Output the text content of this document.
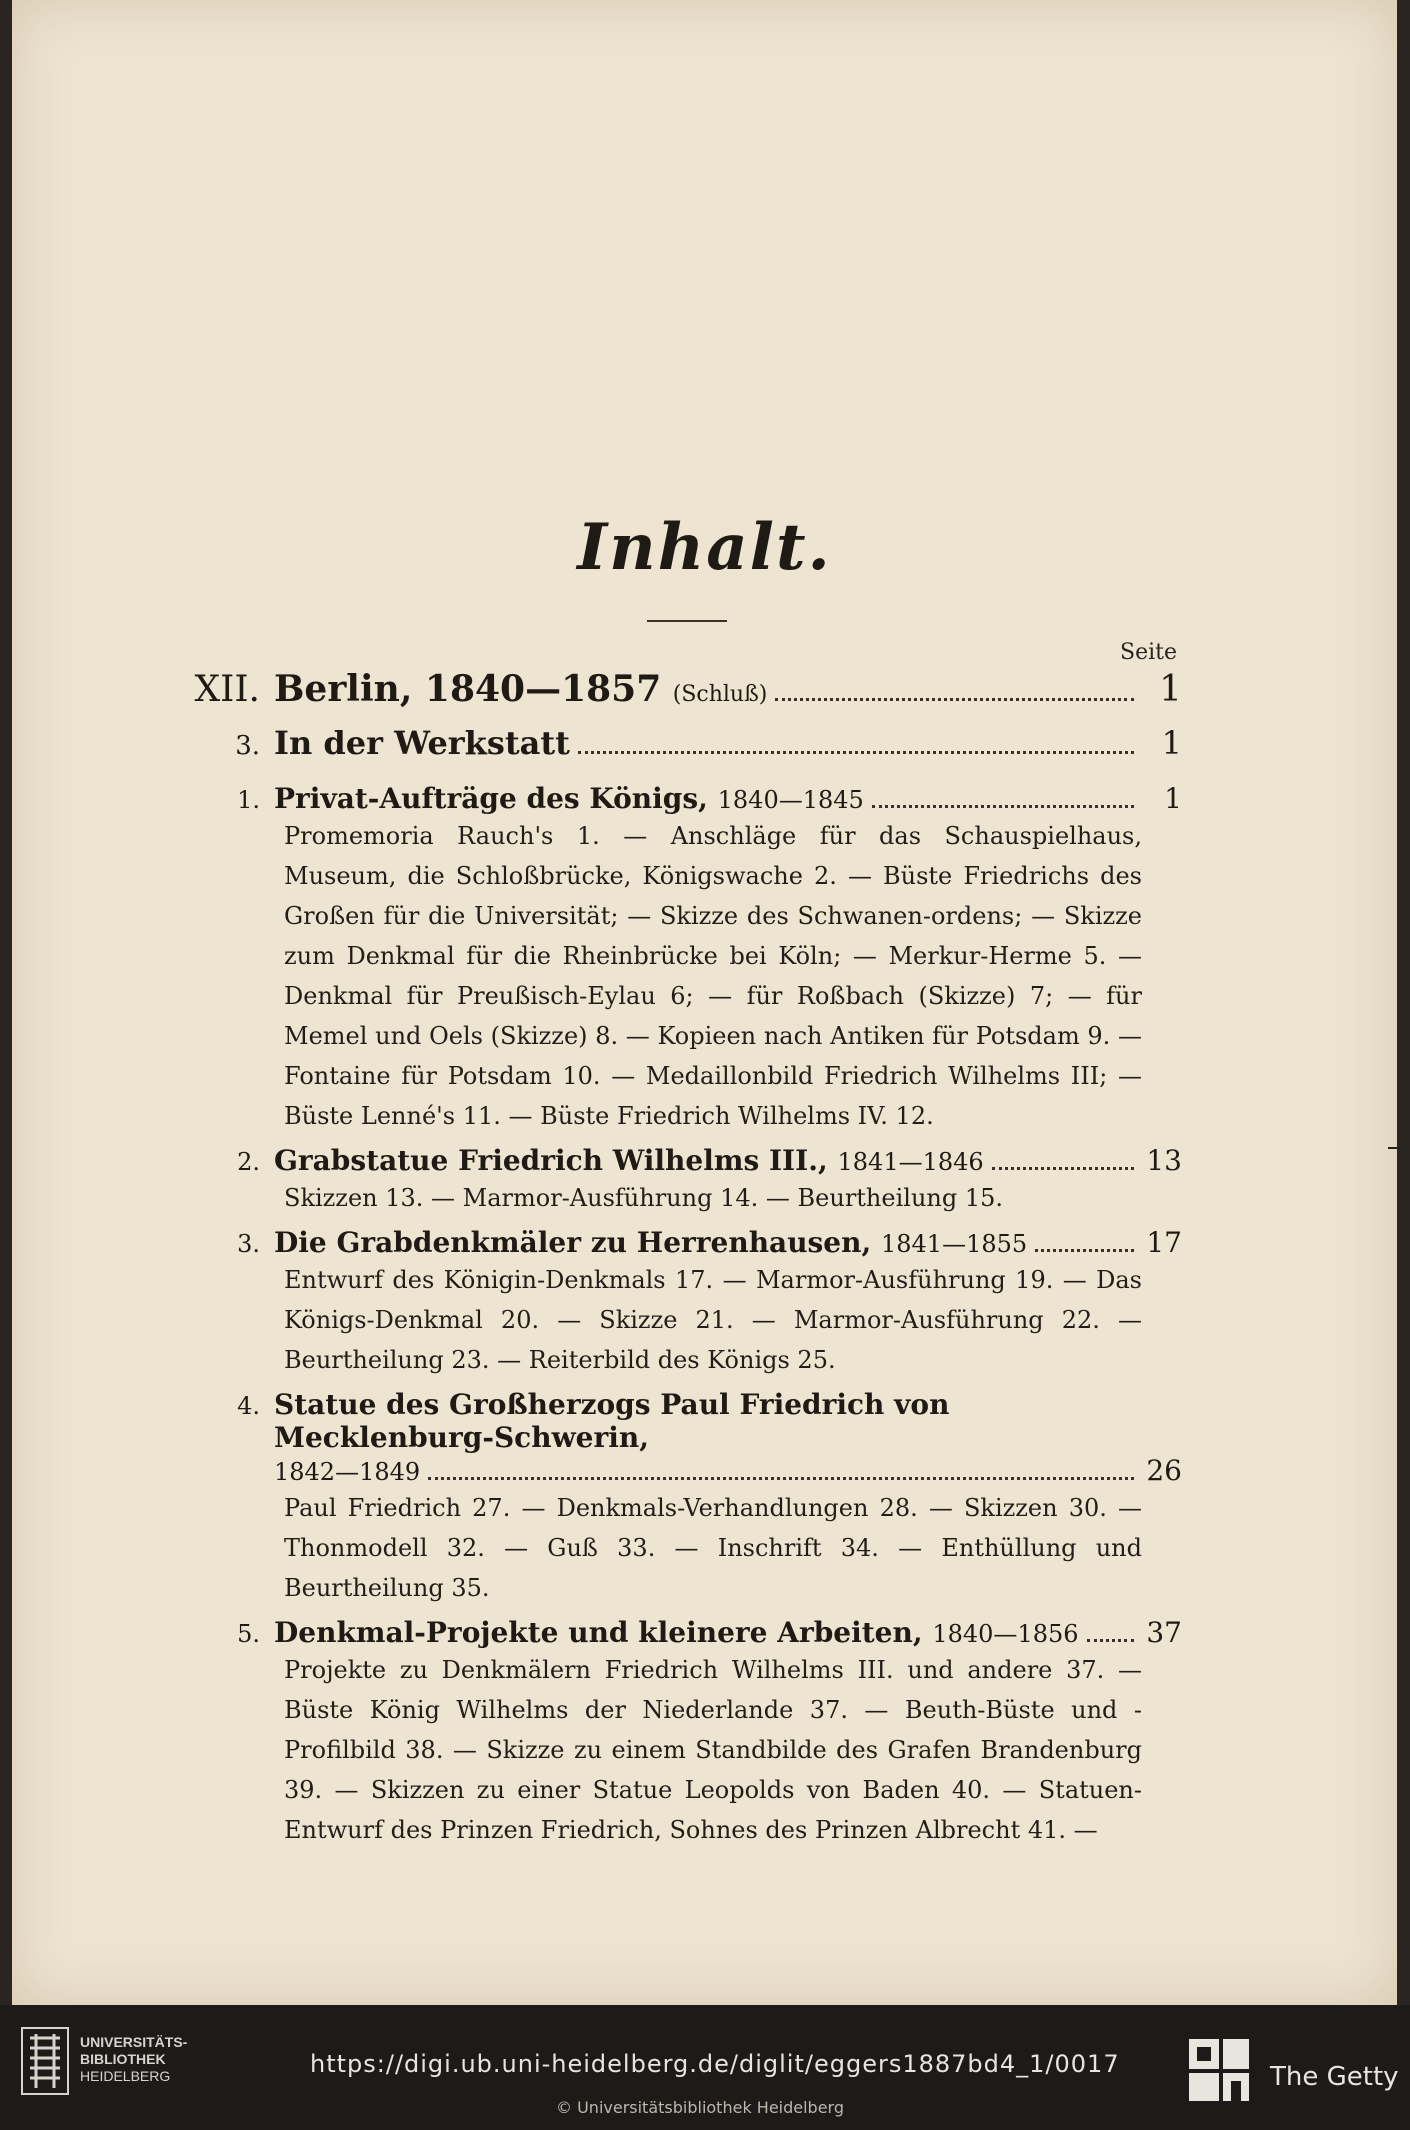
Inhalt.
Seite
XII. Berlin, 1840—1857 (Schluß)	1
3. In der Werkstatt	1
1. Privat-Aufträge des Königs, 1840—1845	1
Promemoria Rauch's 1. — Anschläge für das Schauspielhaus, Museum, die Schloßbrücke, Königswache 2. — Büste Friedrichs des Großen für die Universität; — Skizze des Schwanen-ordens; — Skizze zum Denkmal für die Rheinbrücke bei Köln; — Merkur-Herme 5. — Denkmal für Preußisch-Eylau 6; — für Roßbach (Skizze) 7; — für Memel und Oels (Skizze) 8. — Kopieen nach Antiken für Potsdam 9. — Fontaine für Potsdam 10. — Medaillonbild Friedrich Wilhelms III; — Büste Lenné's 11. — Büste Friedrich Wilhelms IV. 12.
2. Grabstatue Friedrich Wilhelms III., 1841—1846	13
Skizzen 13. — Marmor-Ausführung 14. — Beurtheilung 15.
3. Die Grabdenkmäler zu Herrenhausen, 1841—1855	17
Entwurf des Königin-Denkmals 17. — Marmor-Ausführung 19. — Das Königs-Denkmal 20. — Skizze 21. — Marmor-Ausführung 22. — Beurtheilung 23. — Reiterbild des Königs 25.
4. Statue des Großherzogs Paul Friedrich von Mecklenburg-Schwerin,
1842—1849	26
Paul Friedrich 27. — Denkmals-Verhandlungen 28. — Skizzen 30. — Thonmodell 32. — Guß 33. — Inschrift 34. — Enthüllung und Beurtheilung 35.
5. Denkmal-Projekte und kleinere Arbeiten, 1840—1856 37
Projekte zu Denkmälern Friedrich Wilhelms III. und andere 37. — Büste König Wilhelms der Niederlande 37. — Beuth-Büste und -Profilbild 38. — Skizze zu einem Standbilde des Grafen Brandenburg 39. — Skizzen zu einer Statue Leopolds von Baden 40. — Statuen-Entwurf des Prinzen Friedrich, Sohnes des Prinzen Albrecht 41. —
UNIVERSITÄTS-
BIBLIOTHEK
HEIDELBERG	https://digi.ub.uni-heidelberg.de/diglit/eggers1887bd4_1/0017
© Universitätsbibliothek Heidelberg
The Getty
